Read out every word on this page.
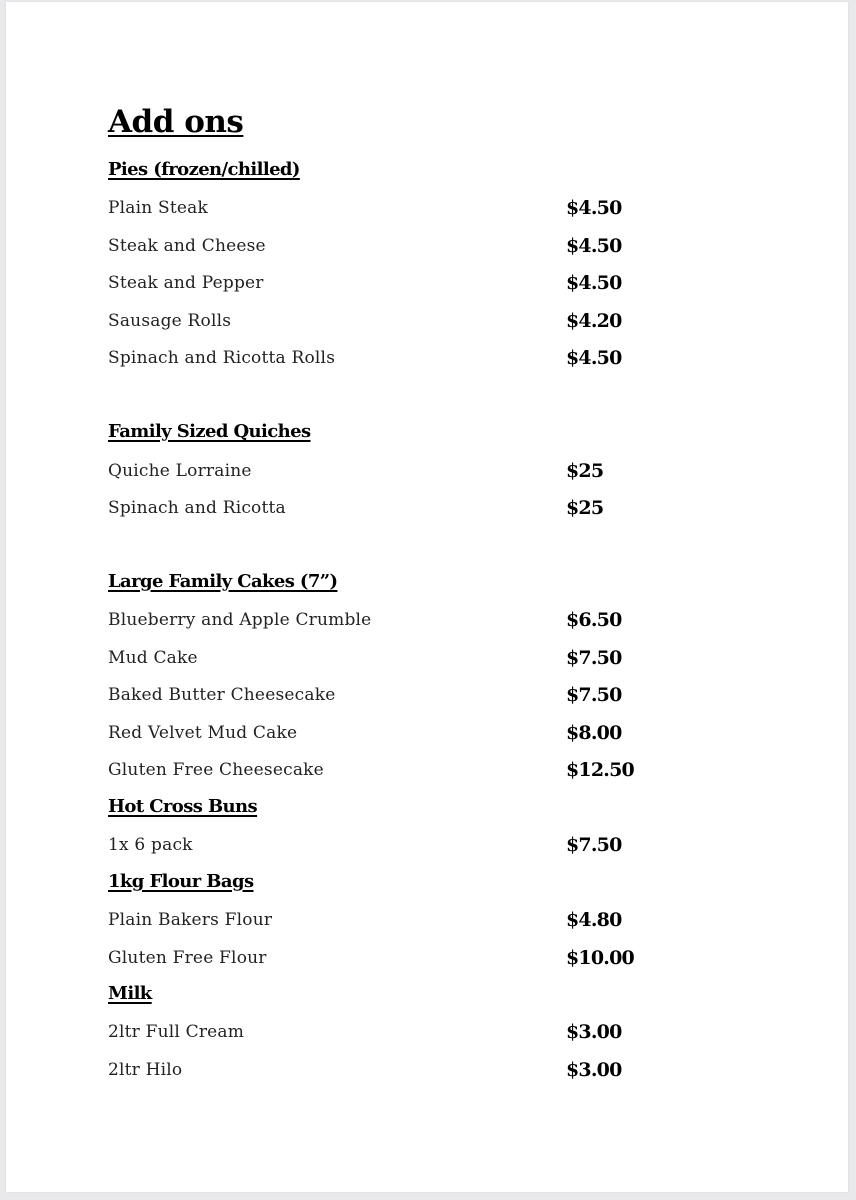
Add ons
Pies (frozen/chilled)
Plain Steak	$4.50
Steak and Cheese	$4.50
Steak and Pepper	$4.50
Sausage Rolls	$4.20
Spinach and Ricotta Rolls	$4.50
Family Sized Quiches
Quiche Lorraine	$25
Spinach and Ricotta	$25
Large Family Cakes (7”)
Blueberry and Apple Crumble	$6.50
Mud Cake	$7.50
Baked Butter Cheesecake	$7.50
Red Velvet Mud Cake	$8.00
Gluten Free Cheesecake	$12.50
Hot Cross Buns
1x 6 pack	$7.50
1kg Flour Bags
Plain Bakers Flour	$4.80
Gluten Free Flour	$10.00
Milk
2ltr Full Cream	$3.00
2ltr Hilo	$3.00
